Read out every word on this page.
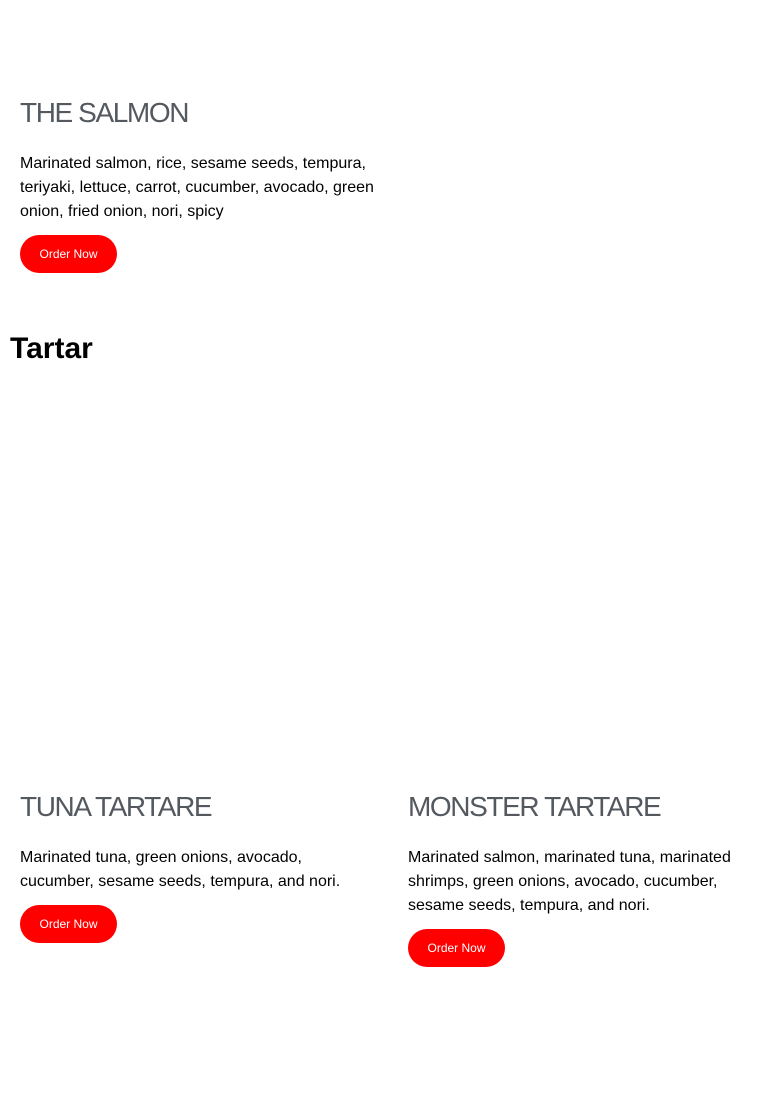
THE SALMON

Marinated salmon, rice, sesame seeds, tempura, teriyaki, lettuce, carrot, cucumber, avocado, green onion, fried onion, nori, spicy

Order Now
Tartar
TUNA TARTARE

Marinated tuna, green onions, avocado, cucumber, sesame seeds, tempura, and nori.

Order Now
MONSTER TARTARE

Marinated salmon, marinated tuna, marinated shrimps, green onions, avocado, cucumber, sesame seeds, tempura, and nori.

Order Now
